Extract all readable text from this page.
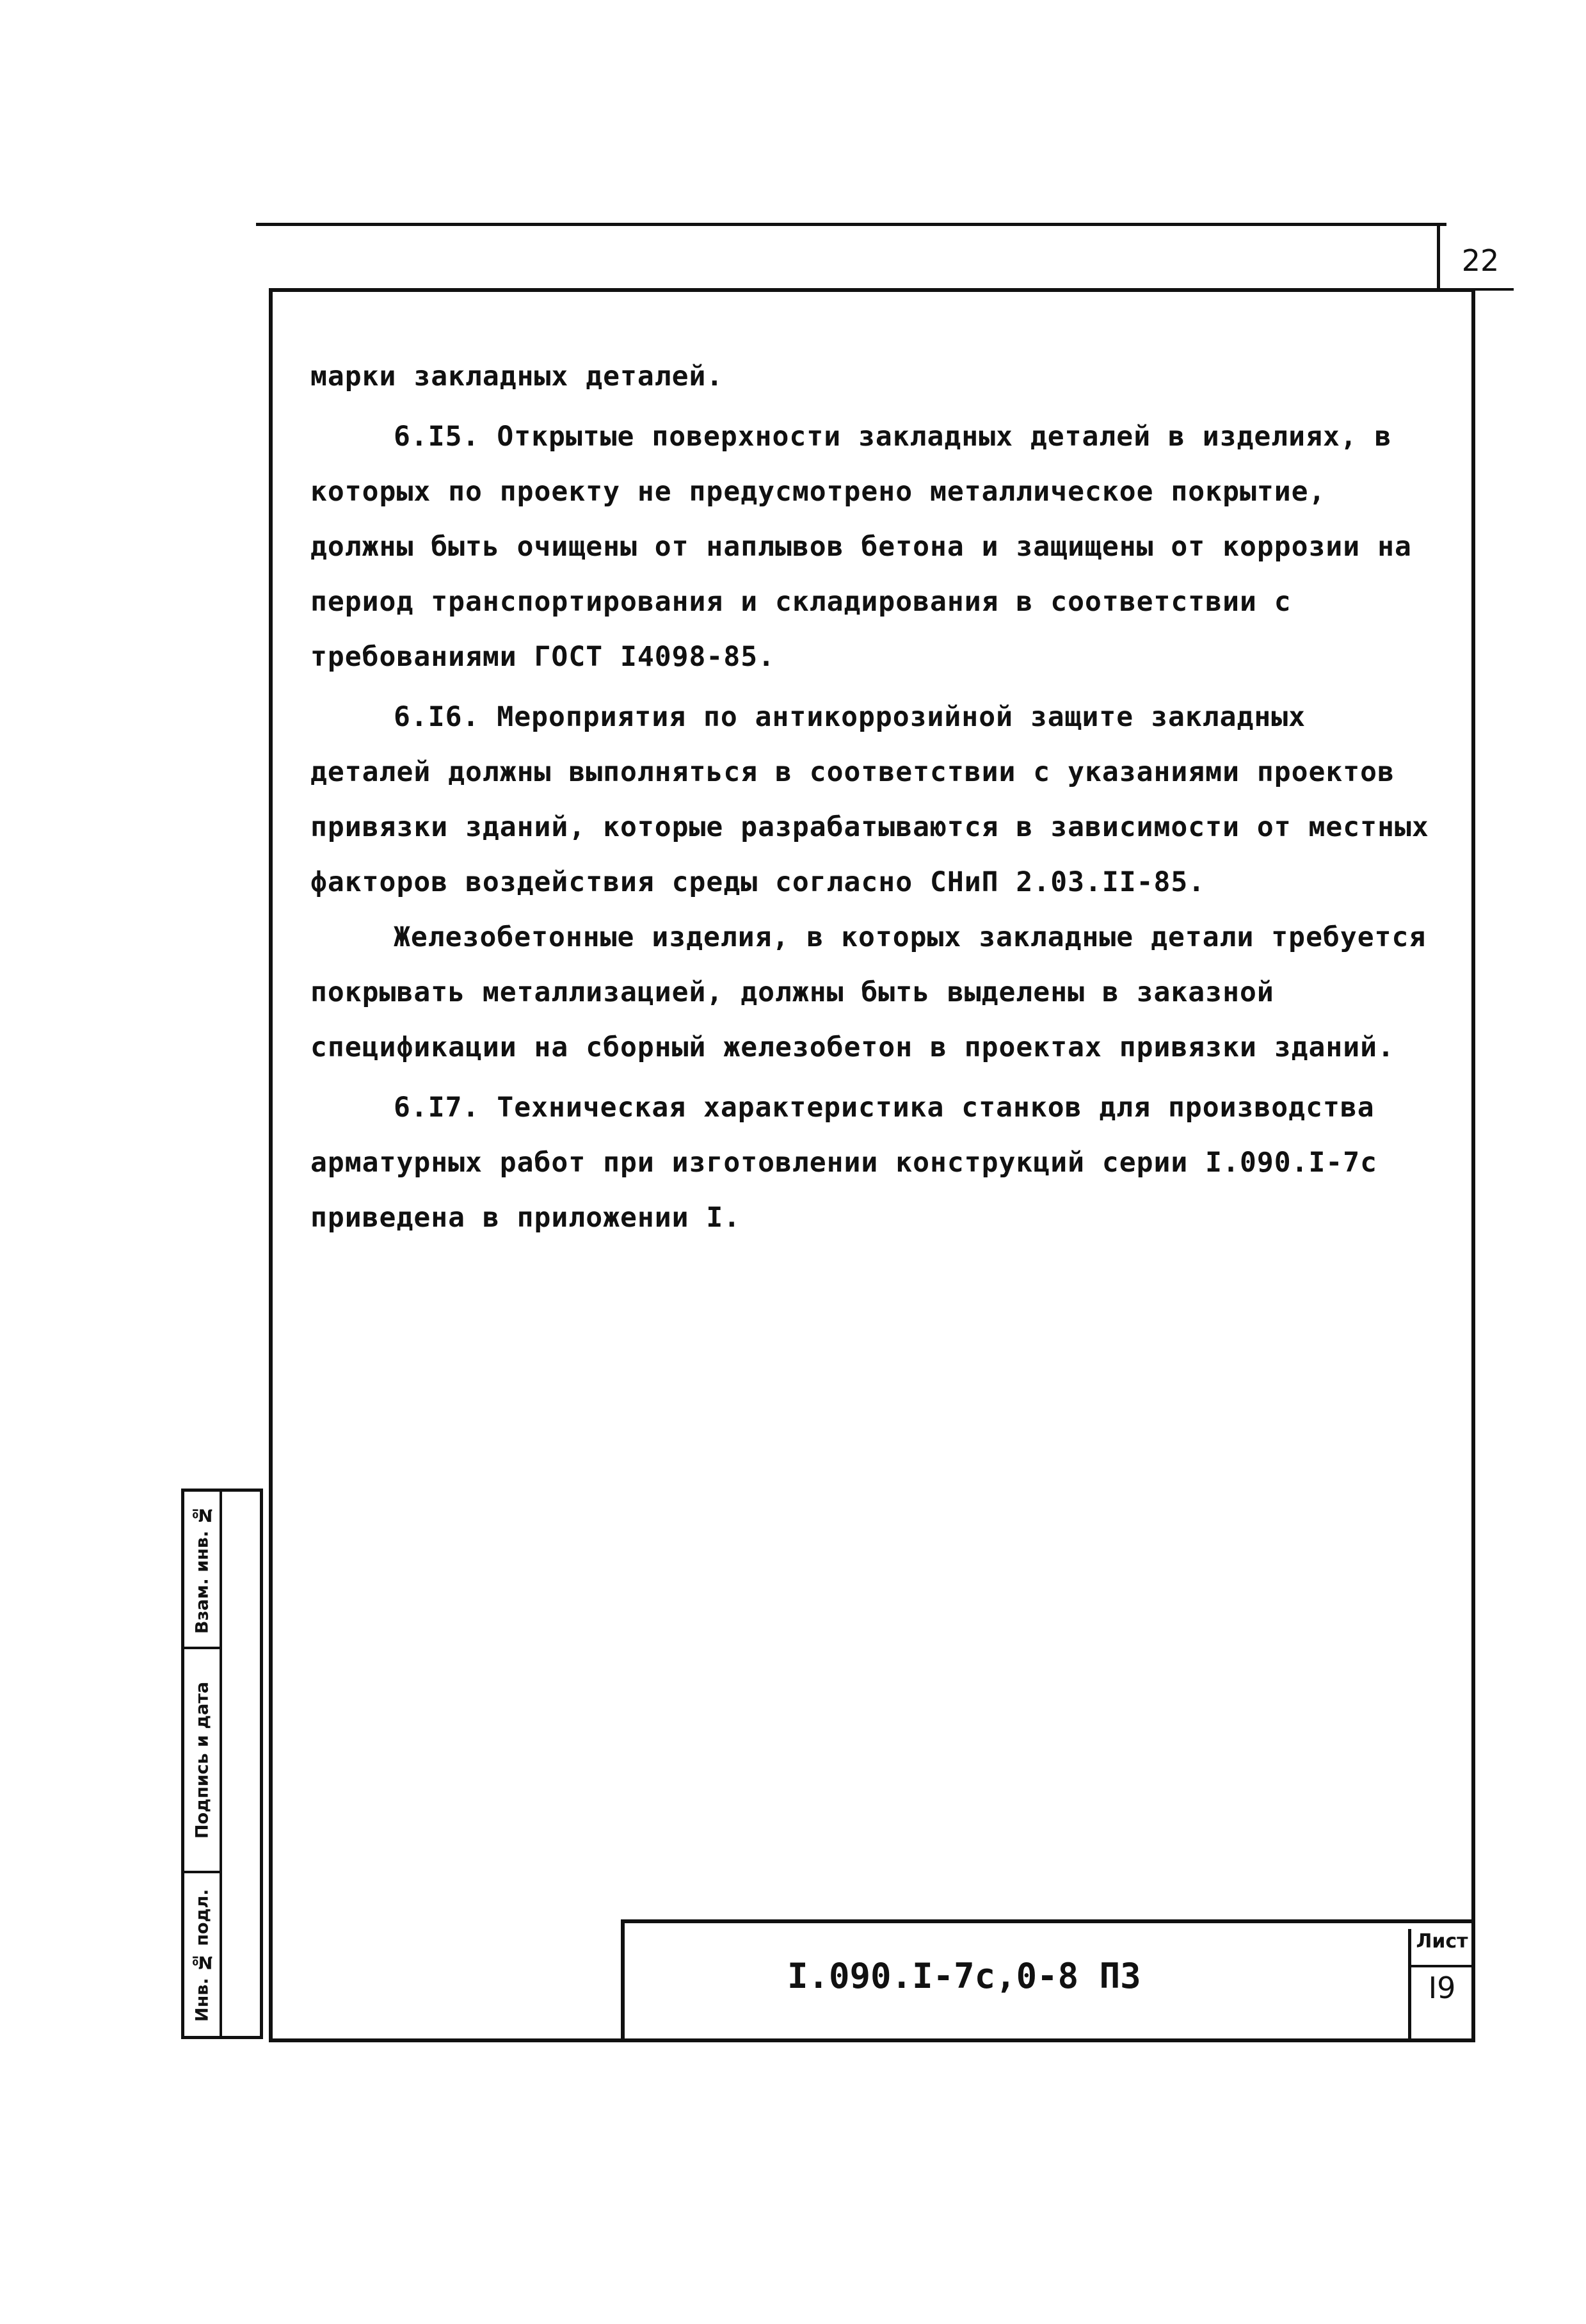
22

марки закладных деталей.

6.I5. Открытые поверхности закладных деталей в изделиях, в которых по проекту не предусмотрено металлическое покрытие, должны быть очищены от наплывов бетона и защищены от коррозии на период транспортирования и складирования в соответствии с требованиями ГОСТ I4098-85.

6.I6. Мероприятия по антикоррозийной защите закладных деталей должны выполняться в соответствии с указаниями проектов привязки зданий, которые разрабатываются в зависимости от местных факторов воздействия среды согласно СНиП 2.03.II-85.

Железобетонные изделия, в которых закладные детали требуется покрывать металлизацией, должны быть выделены в заказной спецификации на сборный железобетон в проектах привязки зданий.

6.I7. Техническая характеристика станков для производства арматурных работ при изготовлении конструкций серии I.090.I-7с приведена в приложении I.

Взам. инв. №
Подпись и дата
Инв. № подл.	I.090.I-7с,0-8 ПЗ
Лист
I9
